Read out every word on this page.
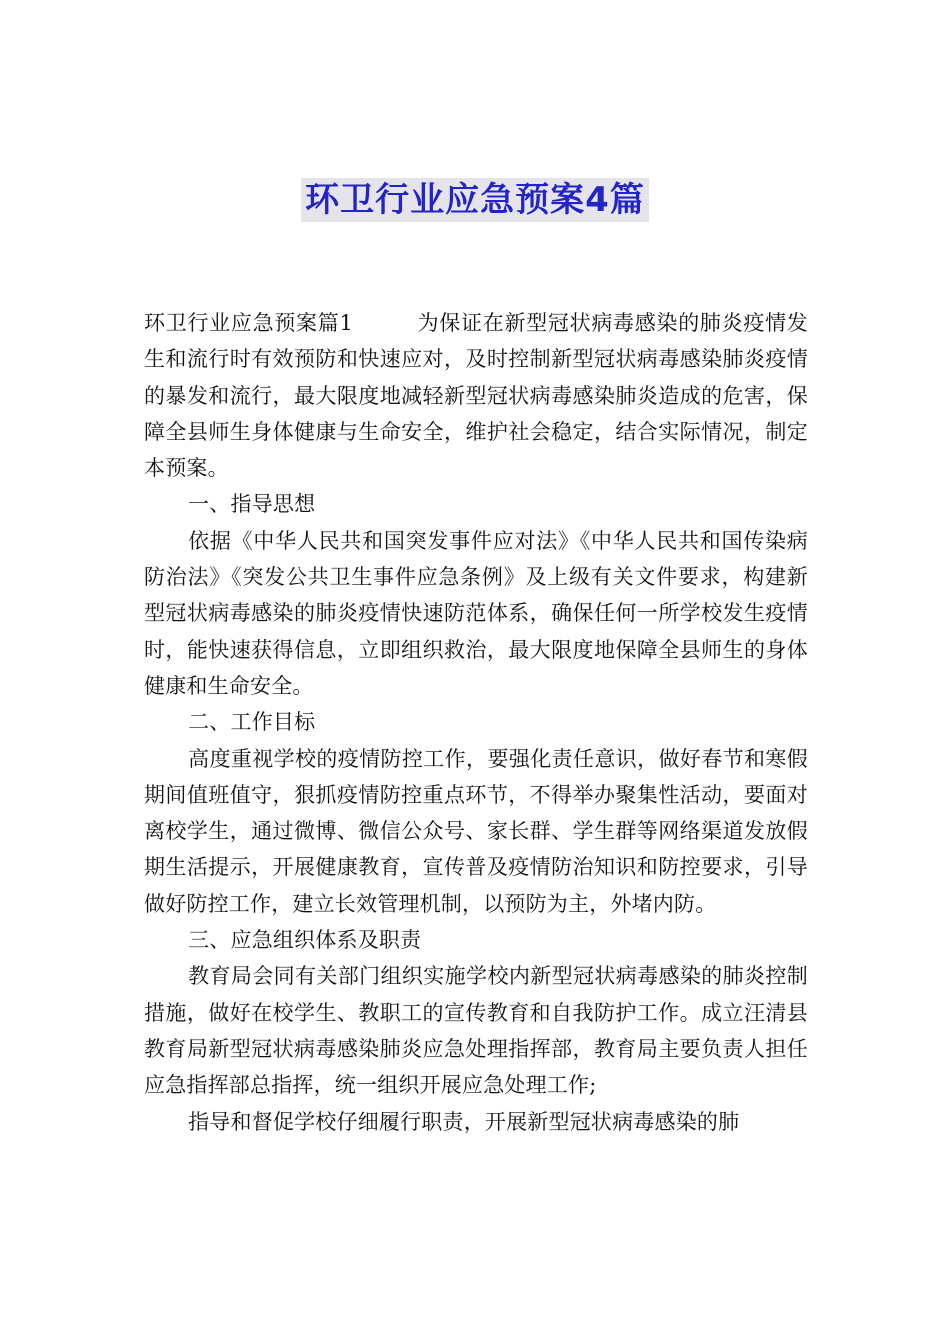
环卫行业应急预案4篇

环卫行业应急预案篇1	为保证在新型冠状病毒感染的肺炎疫情发生和流行时有效预防和快速应对，及时控制新型冠状病毒感染肺炎疫情的暴发和流行，最大限度地减轻新型冠状病毒感染肺炎造成的危害，保障全县师生身体健康与生命安全，维护社会稳定，结合实际情况，制定本预案。

一、指导思想

依据《中华人民共和国突发事件应对法》《中华人民共和国传染病防治法》《突发公共卫生事件应急条例》及上级有关文件要求，构建新型冠状病毒感染的肺炎疫情快速防范体系，确保任何一所学校发生疫情时，能快速获得信息，立即组织救治，最大限度地保障全县师生的身体健康和生命安全。

二、工作目标

高度重视学校的疫情防控工作，要强化责任意识，做好春节和寒假期间值班值守，狠抓疫情防控重点环节，不得举办聚集性活动，要面对离校学生，通过微博、微信公众号、家长群、学生群等网络渠道发放假期生活提示，开展健康教育，宣传普及疫情防治知识和防控要求，引导做好防控工作，建立长效管理机制，以预防为主，外堵内防。

三、应急组织体系及职责

教育局会同有关部门组织实施学校内新型冠状病毒感染的肺炎控制措施，做好在校学生、教职工的宣传教育和自我防护工作。成立汪清县教育局新型冠状病毒感染肺炎应急处理指挥部，教育局主要负责人担任应急指挥部总指挥，统一组织开展应急处理工作;

指导和督促学校仔细履行职责，开展新型冠状病毒感染的肺
